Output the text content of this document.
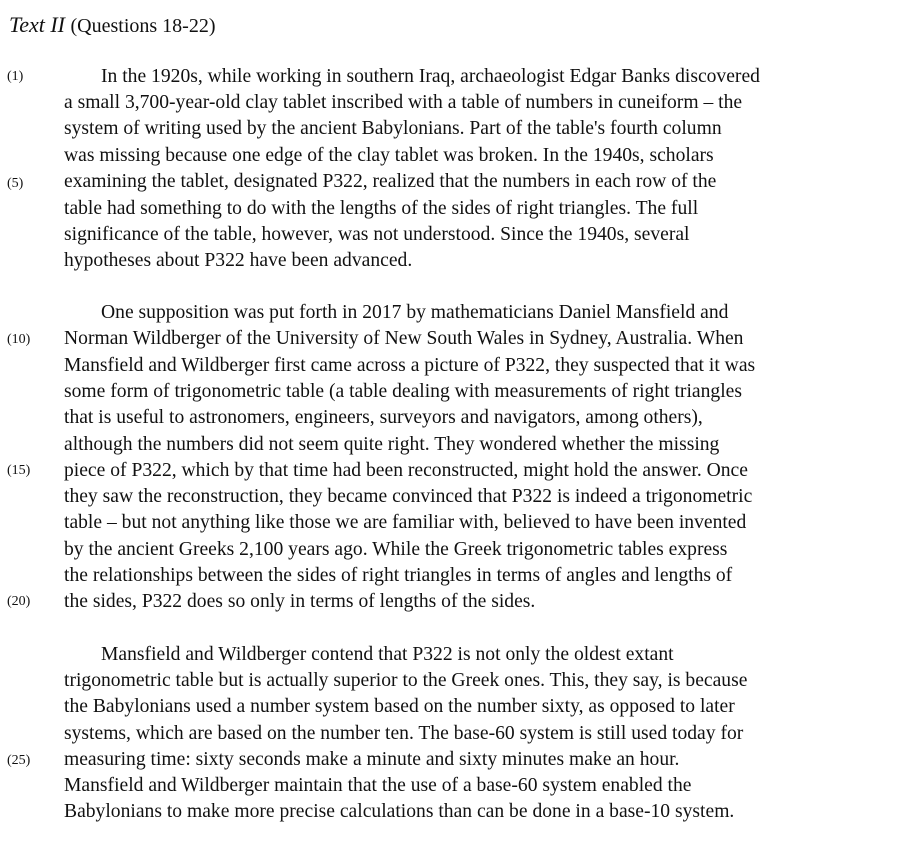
Text II (Questions 18-22)
(1)
(5)
(10)
(15)
(20)
(25)
In the 1920s, while working in southern Iraq, archaeologist Edgar Banks discovered
a small 3,700-year-old clay tablet inscribed with a table of numbers in cuneiform – the
system of writing used by the ancient Babylonians. Part of the table's fourth column
was missing because one edge of the clay tablet was broken. In the 1940s, scholars
examining the tablet, designated P322, realized that the numbers in each row of the
table had something to do with the lengths of the sides of right triangles. The full
significance of the table, however, was not understood. Since the 1940s, several
hypotheses about P322 have been advanced.
One supposition was put forth in 2017 by mathematicians Daniel Mansfield and
Norman Wildberger of the University of New South Wales in Sydney, Australia. When
Mansfield and Wildberger first came across a picture of P322, they suspected that it was
some form of trigonometric table (a table dealing with measurements of right triangles
that is useful to astronomers, engineers, surveyors and navigators, among others),
although the numbers did not seem quite right. They wondered whether the missing
piece of P322, which by that time had been reconstructed, might hold the answer. Once
they saw the reconstruction, they became convinced that P322 is indeed a trigonometric
table – but not anything like those we are familiar with, believed to have been invented
by the ancient Greeks 2,100 years ago. While the Greek trigonometric tables express
the relationships between the sides of right triangles in terms of angles and lengths of
the sides, P322 does so only in terms of lengths of the sides.
Mansfield and Wildberger contend that P322 is not only the oldest extant
trigonometric table but is actually superior to the Greek ones. This, they say, is because
the Babylonians used a number system based on the number sixty, as opposed to later
systems, which are based on the number ten. The base-60 system is still used today for
measuring time: sixty seconds make a minute and sixty minutes make an hour.
Mansfield and Wildberger maintain that the use of a base-60 system enabled the
Babylonians to make more precise calculations than can be done in a base-10 system.
